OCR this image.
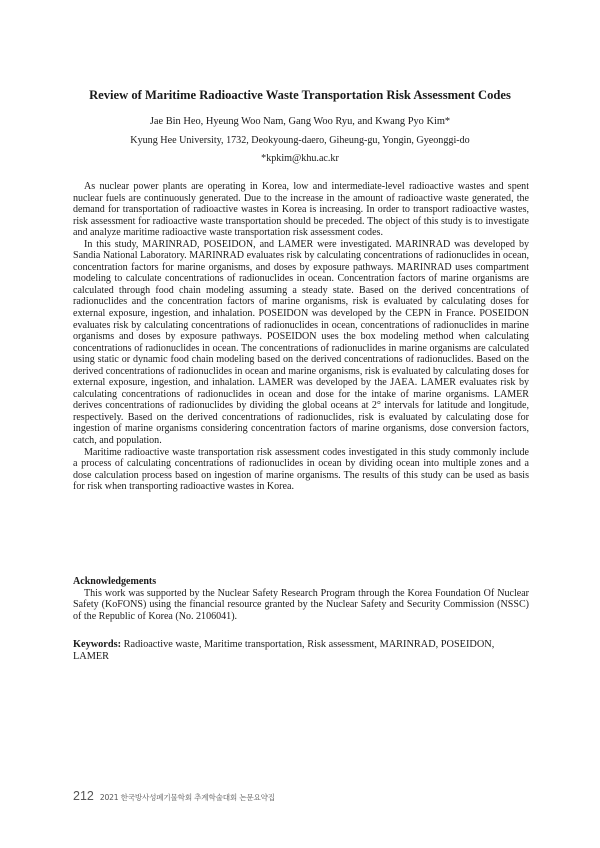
Review of Maritime Radioactive Waste Transportation Risk Assessment Codes
Jae Bin Heo, Hyeung Woo Nam, Gang Woo Ryu, and Kwang Pyo Kim*
Kyung Hee University, 1732, Deokyoung-daero, Giheung-gu, Yongin, Gyeonggi-do
*kpkim@khu.ac.kr

As nuclear power plants are operating in Korea, low and intermediate-level radioactive wastes and spent nuclear fuels are continuously generated. Due to the increase in the amount of radioactive waste generated, the demand for transportation of radioactive wastes in Korea is increasing. In order to transport radioactive wastes, risk assessment for radioactive waste transportation should be preceded. The object of this study is to investigate and analyze maritime radioactive waste transportation risk assessment codes.

In this study, MARINRAD, POSEIDON, and LAMER were investigated. MARINRAD was developed by Sandia National Laboratory. MARINRAD evaluates risk by calculating concentrations of radionuclides in ocean, concentration factors for marine organisms, and doses by exposure pathways. MARINRAD uses compartment modeling to calculate concentrations of radionuclides in ocean. Concentration factors of marine organisms are calculated through food chain modeling assuming a steady state. Based on the derived concentrations of radionuclides and the concentration factors of marine organisms, risk is evaluated by calculating doses for external exposure, ingestion, and inhalation. POSEIDON was developed by the CEPN in France. POSEIDON evaluates risk by calculating concentrations of radionuclides in ocean, concentrations of radionuclides in marine organisms and doses by exposure pathways. POSEIDON uses the box modeling method when calculating concentrations of radionuclides in ocean. The concentrations of radionuclides in marine organisms are calculated using static or dynamic food chain modeling based on the derived concentrations of radionuclides. Based on the derived concentrations of radionuclides in ocean and marine organisms, risk is evaluated by calculating doses for external exposure, ingestion, and inhalation. LAMER was developed by the JAEA. LAMER evaluates risk by calculating concentrations of radionuclides in ocean and dose for the intake of marine organisms. LAMER derives concentrations of radionuclides by dividing the global oceans at 2° intervals for latitude and longitude, respectively. Based on the derived concentrations of radionuclides, risk is evaluated by calculating dose for ingestion of marine organisms considering concentration factors of marine organisms, dose conversion factors, catch, and population.

Maritime radioactive waste transportation risk assessment codes investigated in this study commonly include a process of calculating concentrations of radionuclides in ocean by dividing ocean into multiple zones and a dose calculation process based on ingestion of marine organisms. The results of this study can be used as basis for risk when transporting radioactive wastes in Korea.

Acknowledgements
This work was supported by the Nuclear Safety Research Program through the Korea Foundation Of Nuclear Safety (KoFONS) using the financial resource granted by the Nuclear Safety and Security Commission (NSSC) of the Republic of Korea (No. 2106041).
Keywords: Radioactive waste, Maritime transportation, Risk assessment, MARINRAD, POSEIDON, LAMER
212 2021 한국방사성폐기물학회 추계학술대회 논문요약집
